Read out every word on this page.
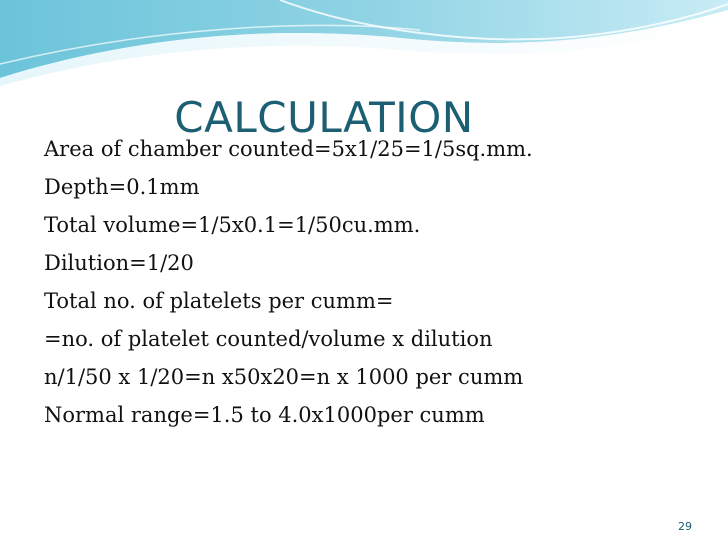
CALCULATION
Area of chamber counted=5x1/25=1/5sq.mm.
Depth=0.1mm
Total volume=1/5x0.1=1/50cu.mm.
Dilution=1/20
Total no. of platelets per cumm=
=no. of platelet counted/volume x dilution
n/1/50 x 1/20=n x50x20=n x 1000 per cumm
Normal range=1.5 to 4.0x1000per cumm
29
